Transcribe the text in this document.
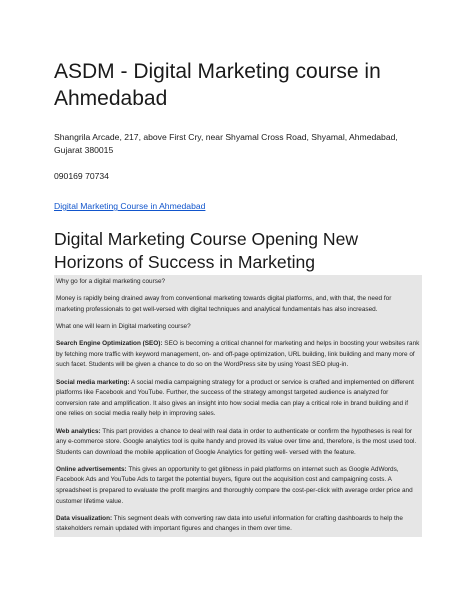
ASDM - Digital Marketing course in Ahmedabad

Shangrila Arcade, 217, above First Cry, near Shyamal Cross Road, Shyamal, Ahmedabad, Gujarat 380015

090169 70734

Digital Marketing Course in Ahmedabad
Digital Marketing Course Opening New Horizons of Success in Marketing

Why go for a digital marketing course?

Money is rapidly being drained away from conventional marketing towards digital platforms, and, with that, the need for marketing professionals to get well-versed with digital techniques and analytical fundamentals has also increased.

What one will learn in Digital marketing course?

Search Engine Optimization (SEO): SEO is becoming a critical channel for marketing and helps in boosting your websites rank by fetching more traffic with keyword management, on- and off-page optimization, URL building, link building and many more of such facet. Students will be given a chance to do so on the WordPress site by using Yoast SEO plug-in.

Social media marketing: A social media campaigning strategy for a product or service is crafted and implemented on different platforms like Facebook and YouTube. Further, the success of the strategy amongst targeted audience is analyzed for conversion rate and amplification. It also gives an insight into how social media can play a critical role in brand building and if one relies on social media really help in improving sales.

Web analytics: This part provides a chance to deal with real data in order to authenticate or confirm the hypotheses is real for any e-commerce store. Google analytics tool is quite handy and proved its value over time and, therefore, is the most used tool. Students can download the mobile application of Google Analytics for getting well- versed with the feature.

Online advertisements: This gives an opportunity to get glibness in paid platforms on internet such as Google AdWords, Facebook Ads and YouTube Ads to target the potential buyers, figure out the acquisition cost and campaigning costs. A spreadsheet is prepared to evaluate the profit margins and thoroughly compare the cost-per-click with average order price and customer lifetime value.

Data visualization: This segment deals with converting raw data into useful information for crafting dashboards to help the stakeholders remain updated with important figures and changes in them over time.
